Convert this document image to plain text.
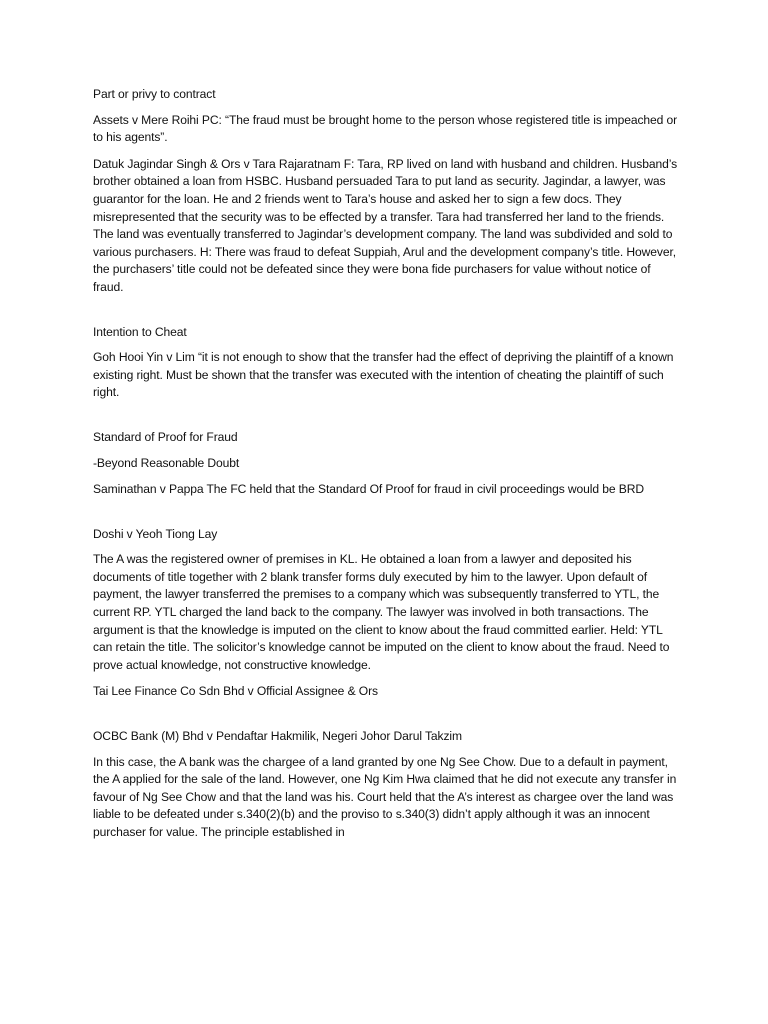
Part or privy to contract

Assets v Mere Roihi PC: “The fraud must be brought home to the person whose registered title is impeached or to his agents”.

Datuk Jagindar Singh & Ors v Tara Rajaratnam F: Tara, RP lived on land with husband and children. Husband’s brother obtained a loan from HSBC. Husband persuaded Tara to put land as security. Jagindar, a lawyer, was guarantor for the loan. He and 2 friends went to Tara’s house and asked her to sign a few docs. They misrepresented that the security was to be effected by a transfer. Tara had transferred her land to the friends. The land was eventually transferred to Jagindar’s development company. The land was subdivided and sold to various purchasers. H: There was fraud to defeat Suppiah, Arul and the development company’s title. However, the purchasers’ title could not be defeated since they were bona fide purchasers for value without notice of fraud.

Intention to Cheat

Goh Hooi Yin v Lim “it is not enough to show that the transfer had the effect of depriving the plaintiff of a known existing right. Must be shown that the transfer was executed with the intention of cheating the plaintiff of such right.

Standard of Proof for Fraud

-Beyond Reasonable Doubt

Saminathan v Pappa The FC held that the Standard Of Proof for fraud in civil proceedings would be BRD

Doshi v Yeoh Tiong Lay

The A was the registered owner of premises in KL. He obtained a loan from a lawyer and deposited his documents of title together with 2 blank transfer forms duly executed by him to the lawyer. Upon default of payment, the lawyer transferred the premises to a company which was subsequently transferred to YTL, the current RP. YTL charged the land back to the company. The lawyer was involved in both transactions. The argument is that the knowledge is imputed on the client to know about the fraud committed earlier. Held: YTL can retain the title. The solicitor’s knowledge cannot be imputed on the client to know about the fraud. Need to prove actual knowledge, not constructive knowledge.

Tai Lee Finance Co Sdn Bhd v Official Assignee & Ors

OCBC Bank (M) Bhd v Pendaftar Hakmilik, Negeri Johor Darul Takzim

In this case, the A bank was the chargee of a land granted by one Ng See Chow. Due to a default in payment, the A applied for the sale of the land. However, one Ng Kim Hwa claimed that he did not execute any transfer in favour of Ng See Chow and that the land was his. Court held that the A’s interest as chargee over the land was liable to be defeated under s.340(2)(b) and the proviso to s.340(3) didn’t apply although it was an innocent purchaser for value. The principle established in
